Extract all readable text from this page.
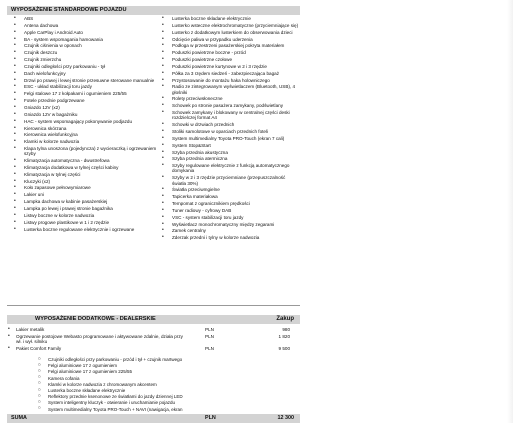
WYPOSAŻENIE STANDARDOWE POJAZDU
• ABS
• Antena dachowa
• Apple CarPlay i Android Auto
• BA - system wspomagania hamowania
• Czujnik ciśnienia w oponach
• Czujnik deszczu
• Czujnik zmierzchu
• Czujniki odległości przy parkowaniu - tył
• Dach wielofunkcyjny
• Drzwi po prawej i lewej stronie przesuwne sterowane manualnie
• ESC - układ stabilizacji toru jazdy
• Felgi stalowe 17 z kołpakami i ogumieniem 225/55
• Fotele przednie podgrzewane
• Gniazdo 12V (x2)
• Gniazdo 12V w bagażniku
• HAC - system wspomagający pokonywanie podjazdu
• Kierownica skórzana
• Kierownica wielofunkcyjna
• Klamki w kolorze nadwozia
• Klapa tylna unoszona (pojedyncza) z wycieraczką i ogrzewaniem szyby
• Klimatyzacja automatyczna - dwustrefowa
• Klimatyzacja dodatkowa w tylnej części kabiny
• Klimatyzacja w tylnej części
• Kluczyki (x2)
• Koło zapasowe pełnowymiarowe
• Lakier uni
• Lampka dachowa w kabinie pasażerskiej
• Lampka po lewej i prawej stronie bagażnika
• Listwy boczne w kolorze nadwozia
• Listwy progowe plastikowe w 1 i 2 rzędzie
• Lusterka boczne regulowane elektrycznie i ogrzewane
• Lusterka boczne składane elektrycznie
• Lusterko wsteczne elektrochromatyczne (przyciemniające się)
• Lusterko z dodatkowym lusterkiem do obserwowania dzieci
• Odcięcie paliwa w przypadku uderzenia
• Podłoga w przestrzeni pasażerskiej pokryta materiałem
• Poduszki powietrzne boczne - przód
• Poduszki powietrzne czołowe
• Poduszki powietrzne kurtynowe w 2 i 3 rzędzie
• Półka za 3 rzędem siedzeń - zabezpieczająca bagaż
• Przystosowanie do montażu haka holowniczego
• Radio ze zintegrowanym wyświetlaczem (Bluetooth, USB), 4 głośniki
• Rolety przeciwsłoneczne
• Schowek po stronie pasażera zamykany, podświetlany
• Schowek zamykany i blokowany w centralnej części deski rozdzielczej format A4
• Schowki w drzwiach przednich
• Stoliki samolotowe w oparciach przednich foteli
• System multimedialny Toyota PRO-Touch (ekran 7 cali)
• System Stop&Start
• Szyba przednia akustyczna
• Szyba przednia atermiczna
• Szyby regulowane elektrycznie z funkcją automatycznego domykania
• Szyby w 2 i 3 rzędzie przyciemniane (przepuszczalność światła 30%)
• Światła przeciwmgielne
• Tapicerka materiałowa
• Tempomat z ogranicznikiem prędkości
• Tuner radiowy - cyfrowy DAB
• VSC - system stabilizacji toru jazdy
• Wyświetlacz monochromatyczny między zegarami
• Zamek centralny
• Zderzak przedni i tylny w kolorze nadwozia
WYPOSAŻENIE DODATKOWE - DEALERSKIE	Zakup
• Lakier metalik	PLN	980
• Ogrzewanie postojowe Webasto programowane i aktywowane zdalnie, działa przy wł. i wył. silniku
PLN	1 820
• Pakiet Comfort Family	PLN	9 500
○ Czujniki odległości przy parkowaniu - przód i tył + czujnik martwego
○ Felgi aluminiowe 17 z ogumieniem
○ Felgi aluminiowe 17 z ogumieniem 225/55
○ Kamera cofania
○ Klamki w kolorze nadwozia z chromowanym akcentem
○ Lusterka boczne składane elektrycznie
○ Reflektory przednie ksenonowe ze światłami do jazdy dziennej LED
○ System inteligentny kluczyk - otwieranie i uruchamianie pojazdu
○ System multimedialny Toyota PRO-Touch + NAVI (nawigacja, ekran
SUMA	PLN	12 300
